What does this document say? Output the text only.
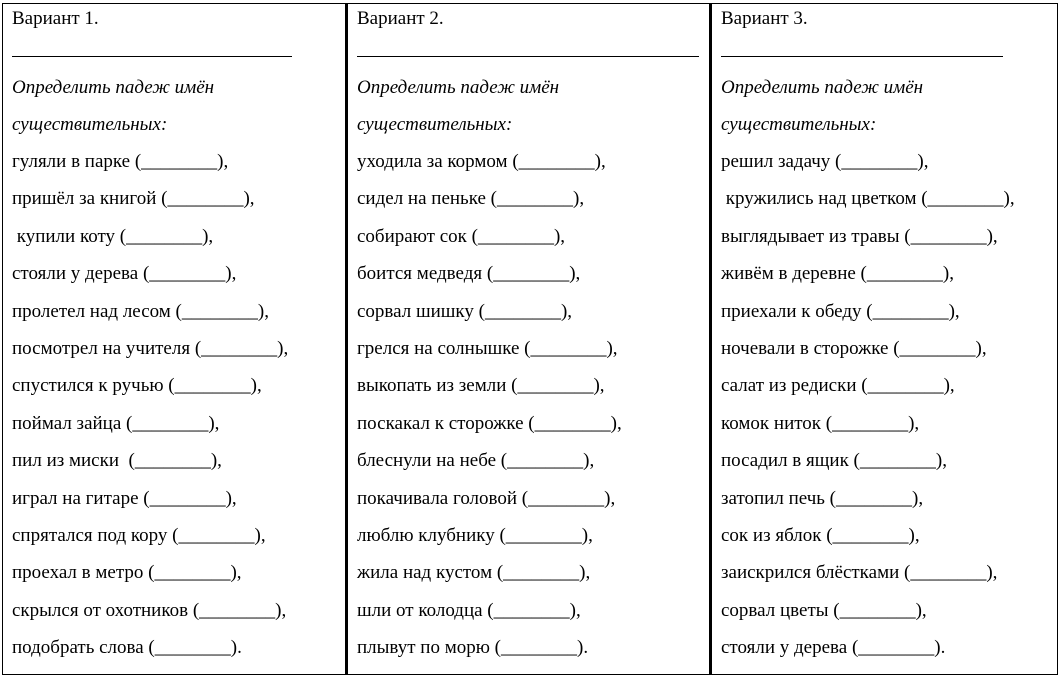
Вариант 1.
Определить падеж имён
существительных:
гуляли в парке (________),
пришёл за книгой (________),
купили коту (________),
стояли у дерева (________),
пролетел над лесом (________),
посмотрел на учителя (________),
спустился к ручью (________),
поймал зайца (________),
пил из миски  (________),
играл на гитаре (________),
спрятался под кору (________),
проехал в метро (________),
скрылся от охотников (________),
подобрать слова (________).
Вариант 2.
Определить падеж имён
существительных:
уходила за кормом (________),
сидел на пеньке (________),
собирают сок (________),
боится медведя (________),
сорвал шишку (________),
грелся на солнышке (________),
выкопать из земли (________),
поскакал к сторожке (________),
блеснули на небе (________),
покачивала головой (________),
люблю клубнику (________),
жила над кустом (________),
шли от колодца (________),
плывут по морю (________).
Вариант 3.
Определить падеж имён
существительных:
решил задачу (________),
кружились над цветком (________),
выглядывает из травы (________),
живём в деревне (________),
приехали к обеду (________),
ночевали в сторожке (________),
салат из редиски (________),
комок ниток (________),
посадил в ящик (________),
затопил печь (________),
сок из яблок (________),
заискрился блёстками (________),
сорвал цветы (________),
стояли у дерева (________).
